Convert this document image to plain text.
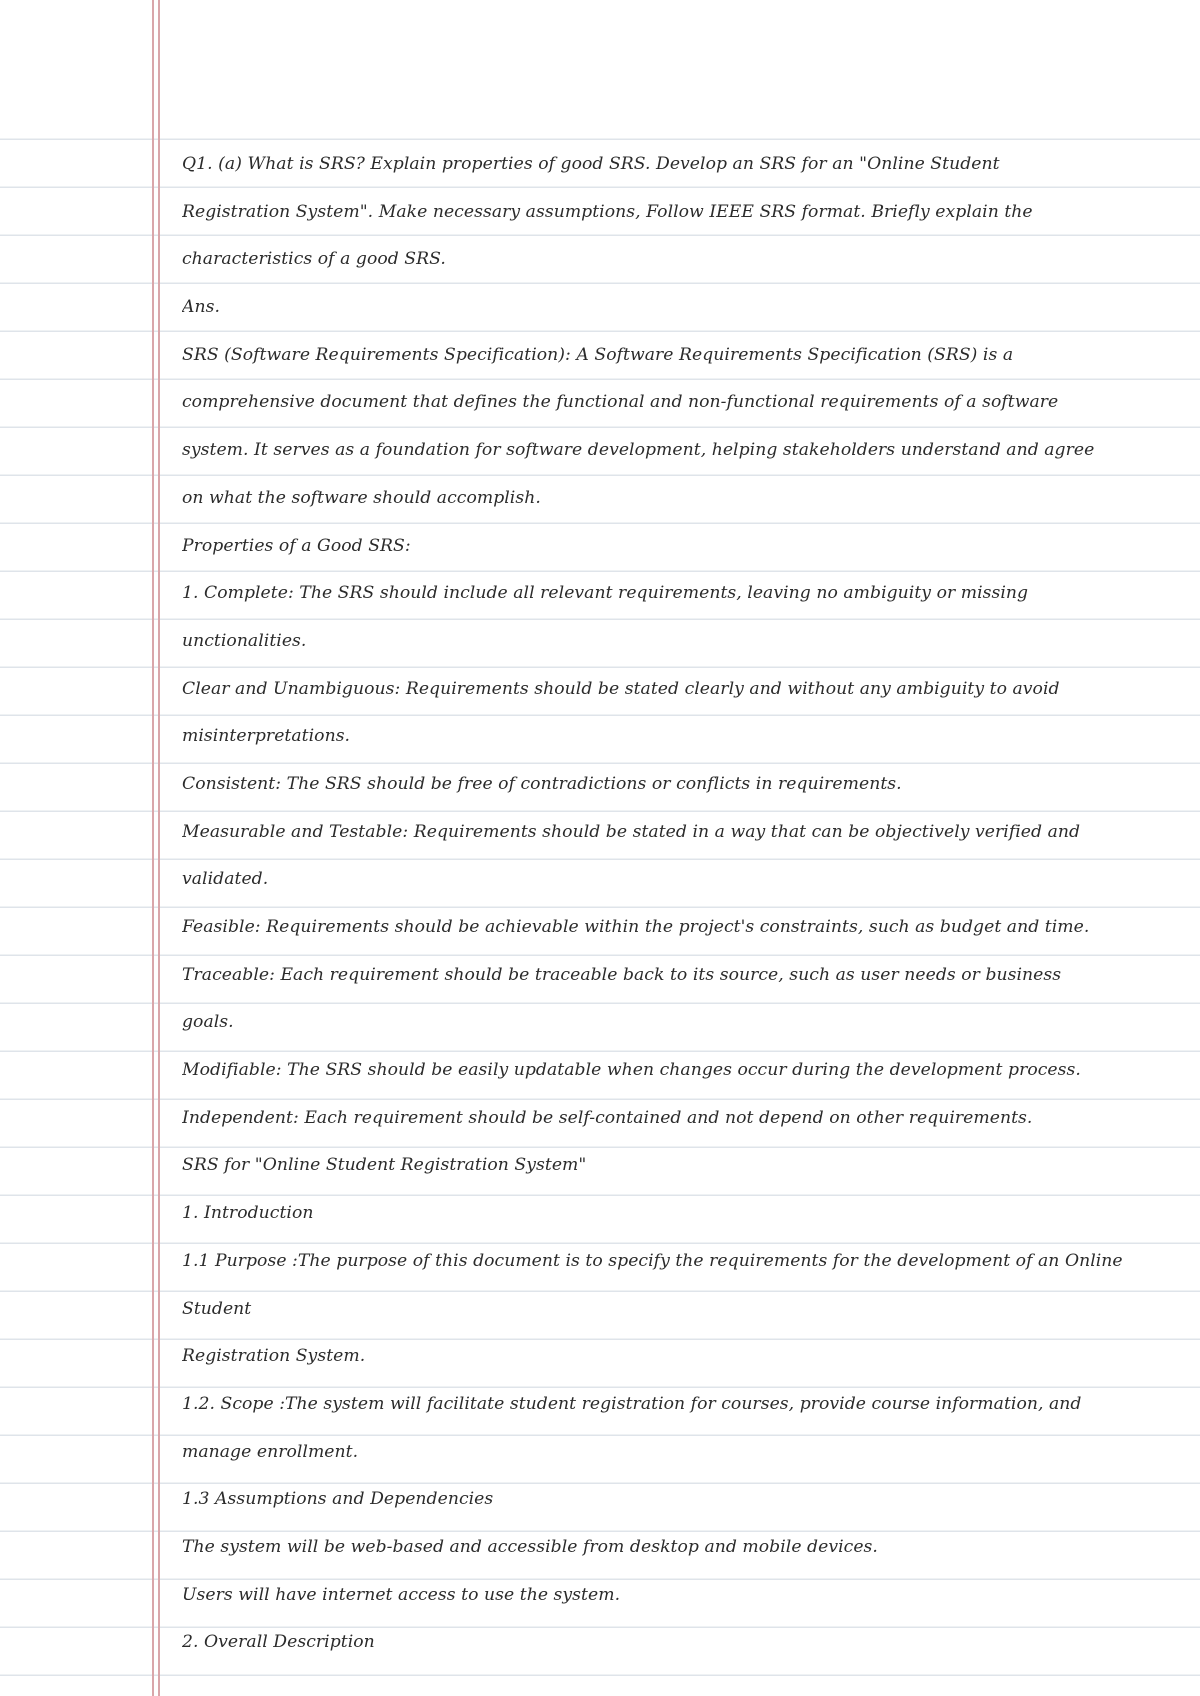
Q1. (a) What is SRS? Explain properties of good SRS. Develop an SRS for an "Online Student
Registration System". Make necessary assumptions, Follow IEEE SRS format. Briefly explain the
characteristics of a good SRS.
Ans.
SRS (Software Requirements Specification): A Software Requirements Specification (SRS) is a
comprehensive document that defines the functional and non-functional requirements of a software
system. It serves as a foundation for software development, helping stakeholders understand and agree
on what the software should accomplish.
Properties of a Good SRS:
1. Complete: The SRS should include all relevant requirements, leaving no ambiguity or missing
unctionalities.
Clear and Unambiguous: Requirements should be stated clearly and without any ambiguity to avoid
misinterpretations.
Consistent: The SRS should be free of contradictions or conflicts in requirements.
Measurable and Testable: Requirements should be stated in a way that can be objectively verified and
validated.
Feasible: Requirements should be achievable within the project's constraints, such as budget and time.
Traceable: Each requirement should be traceable back to its source, such as user needs or business
goals.
Modifiable: The SRS should be easily updatable when changes occur during the development process.
Independent: Each requirement should be self-contained and not depend on other requirements.
SRS for "Online Student Registration System"
1. Introduction
1.1 Purpose :The purpose of this document is to specify the requirements for the development of an Online
Student
Registration System.
1.2. Scope :The system will facilitate student registration for courses, provide course information, and
manage enrollment.
1.3 Assumptions and Dependencies
The system will be web-based and accessible from desktop and mobile devices.
Users will have internet access to use the system.
2. Overall Description
